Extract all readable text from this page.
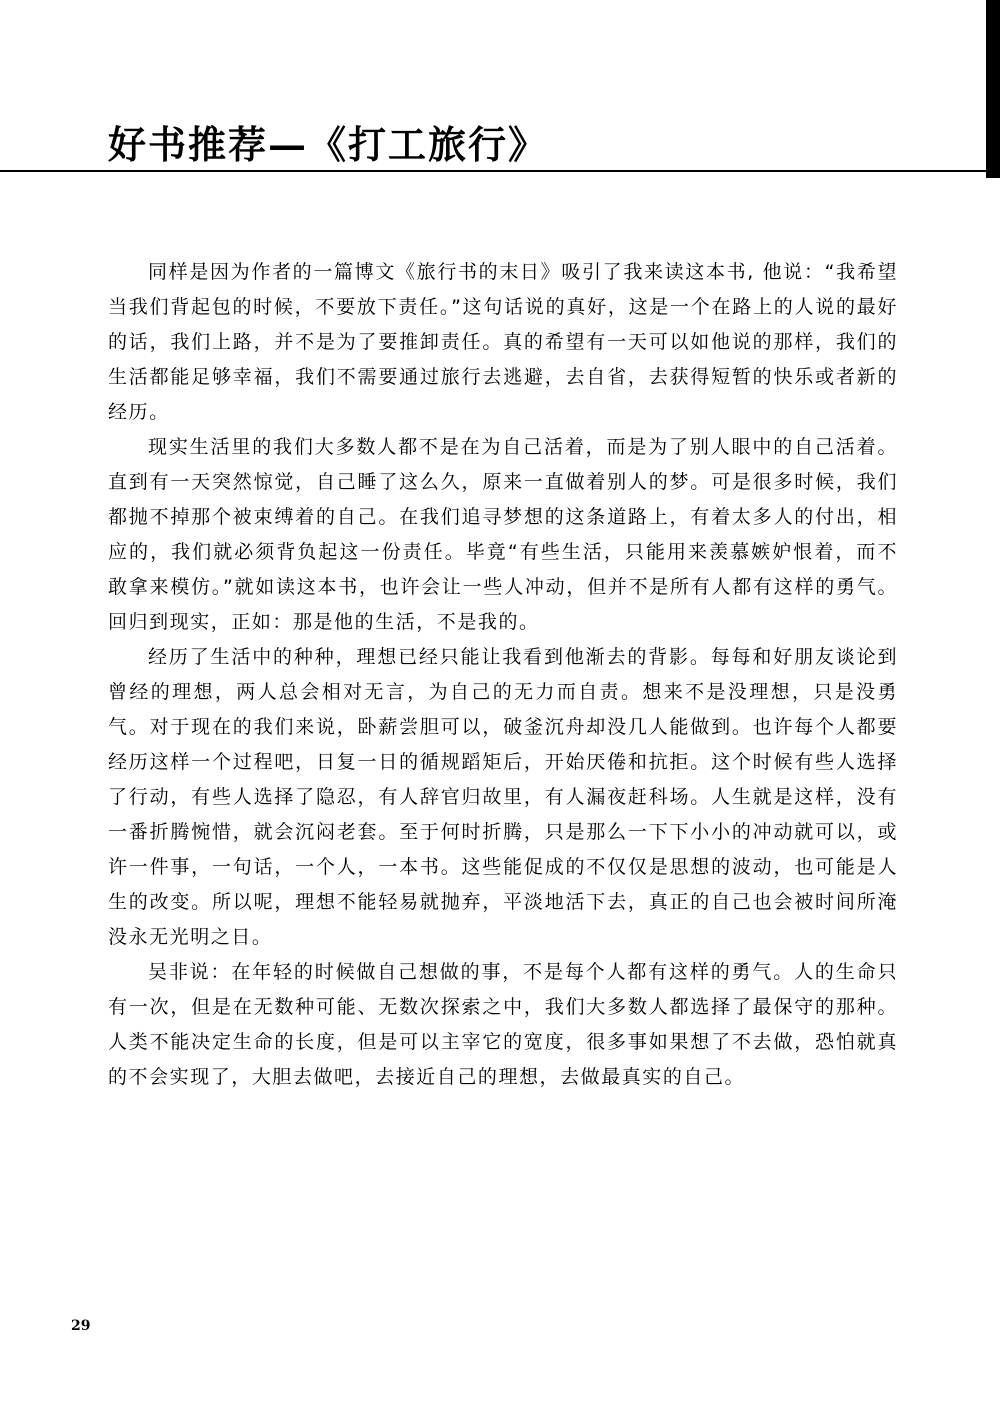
好书推荐—《打工旅行》

同样是因为作者的一篇博文《旅行书的末日》吸引了我来读这本书, 他说：“我希望当我们背起包的时候，不要放下责任。”这句话说的真好，这是一个在路上的人说的最好的话，我们上路，并不是为了要推卸责任。真的希望有一天可以如他说的那样，我们的生活都能足够幸福，我们不需要通过旅行去逃避，去自省，去获得短暂的快乐或者新的经历。

现实生活里的我们大多数人都不是在为自己活着，而是为了别人眼中的自己活着。直到有一天突然惊觉，自己睡了这么久，原来一直做着别人的梦。可是很多时候，我们都抛不掉那个被束缚着的自己。在我们追寻梦想的这条道路上，有着太多人的付出，相应的，我们就必须背负起这一份责任。毕竟“有些生活，只能用来羡慕嫉妒恨着，而不敢拿来模仿。”就如读这本书，也许会让一些人冲动，但并不是所有人都有这样的勇气。回归到现实，正如：那是他的生活，不是我的。

经历了生活中的种种，理想已经只能让我看到他渐去的背影。每每和好朋友谈论到曾经的理想，两人总会相对无言，为自己的无力而自责。想来不是没理想，只是没勇气。对于现在的我们来说，卧薪尝胆可以，破釜沉舟却没几人能做到。也许每个人都要经历这样一个过程吧，日复一日的循规蹈矩后，开始厌倦和抗拒。这个时候有些人选择了行动，有些人选择了隐忍，有人辞官归故里，有人漏夜赶科场。人生就是这样，没有一番折腾惋惜，就会沉闷老套。至于何时折腾，只是那么一下下小小的冲动就可以，或许一件事，一句话，一个人，一本书。这些能促成的不仅仅是思想的波动，也可能是人生的改变。所以呢，理想不能轻易就抛弃，平淡地活下去，真正的自己也会被时间所淹没永无光明之日。

吴非说：在年轻的时候做自己想做的事，不是每个人都有这样的勇气。人的生命只有一次，但是在无数种可能、无数次探索之中，我们大多数人都选择了最保守的那种。人类不能决定生命的长度，但是可以主宰它的宽度，很多事如果想了不去做，恐怕就真的不会实现了，大胆去做吧，去接近自己的理想，去做最真实的自己。

29
